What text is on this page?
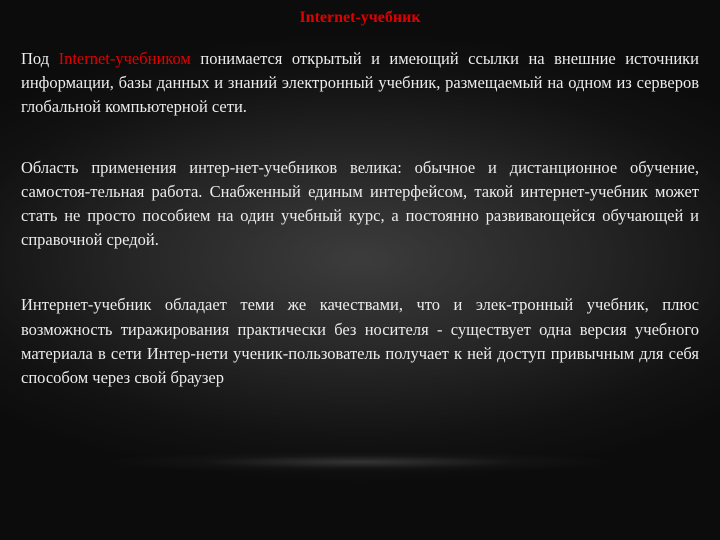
Internet-учебник

Под Internet-учебником понимается открытый и имеющий ссылки на внешние источники информации, базы данных и знаний электронный учебник, размещаемый на одном из серверов глобальной компьютерной сети.

Область применения интер-нет-учебников велика: обычное и дистанционное обучение, самостоя-тельная работа. Снабженный единым интерфейсом, такой интернет-учебник может стать не просто пособием на один учебный курс, а постоянно развивающейся обучающей и справочной средой.

Интернет-учебник обладает теми же качествами, что и элек-тронный учебник, плюс возможность тиражирования практически без носителя - существует одна версия учебного материала в сети Интер-нети ученик-пользователь получает к ней доступ привычным для себя способом через свой браузер
